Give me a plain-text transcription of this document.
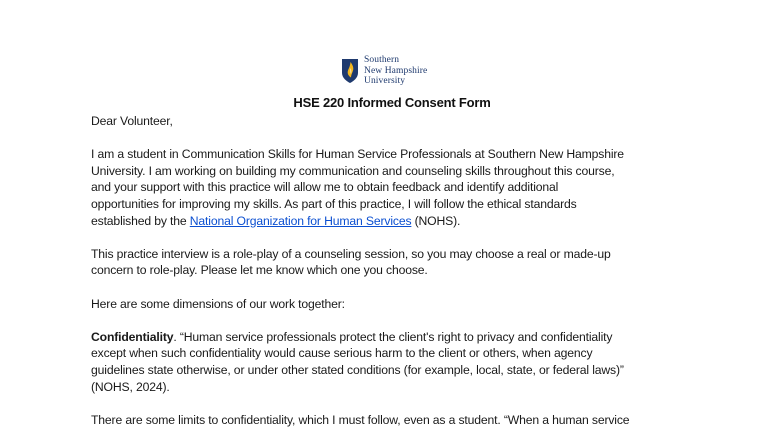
Southern
New Hampshire
University
HSE 220 Informed Consent Form

Dear Volunteer,

I am a student in Communication Skills for Human Service Professionals at Southern New Hampshire
University. I am working on building my communication and counseling skills throughout this course,
and your support with this practice will allow me to obtain feedback and identify additional
opportunities for improving my skills. As part of this practice, I will follow the ethical standards
established by the National Organization for Human Services (NOHS).
This practice interview is a role-play of a counseling session, so you may choose a real or made-up
concern to role-play. Please let me know which one you choose.
Here are some dimensions of our work together:
Confidentiality. “Human service professionals protect the client's right to privacy and confidentiality
except when such confidentiality would cause serious harm to the client or others, when agency
guidelines state otherwise, or under other stated conditions (for example, local, state, or federal laws)”
(NOHS, 2024).
There are some limits to confidentiality, which I must follow, even as a student. “When a human service
